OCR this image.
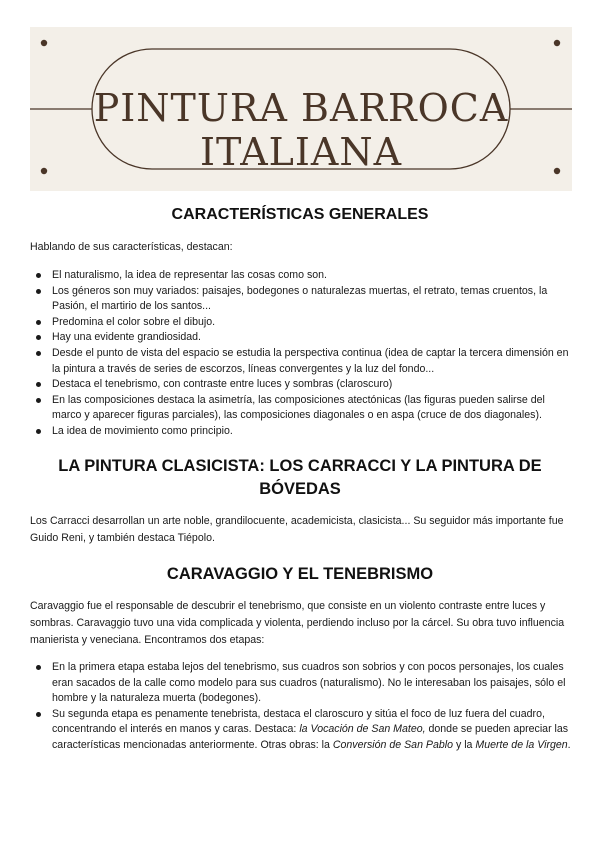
PINTURA BARROCA
ITALIANA
CARACTERÍSTICAS GENERALES

Hablando de sus características, destacan:

El naturalismo, la idea de representar las cosas como son.
Los géneros son muy variados: paisajes, bodegones o naturalezas muertas, el retrato, temas cruentos, la Pasión, el martirio de los santos...
Predomina el color sobre el dibujo.
Hay una evidente grandiosidad.
Desde el punto de vista del espacio se estudia la perspectiva continua (idea de captar la tercera dimensión en la pintura a través de series de escorzos, líneas convergentes y la luz del fondo...
Destaca el tenebrismo, con contraste entre luces y sombras (claroscuro)
En las composiciones destaca la asimetría, las composiciones atectónicas (las figuras pueden salirse del marco y aparecer figuras parciales), las composiciones diagonales o en aspa (cruce de dos diagonales).
La idea de movimiento como principio.
LA PINTURA CLASICISTA: LOS CARRACCI Y LA PINTURA DE BÓVEDAS

Los Carracci desarrollan un arte noble, grandilocuente, academicista, clasicista... Su seguidor más importante fue Guido Reni, y también destaca Tiépolo.

CARAVAGGIO Y EL TENEBRISMO

Caravaggio fue el responsable de descubrir el tenebrismo, que consiste en un violento contraste entre luces y sombras. Caravaggio tuvo una vida complicada y violenta, perdiendo incluso por la cárcel. Su obra tuvo influencia manierista y veneciana. Encontramos dos etapas:

En la primera etapa estaba lejos del tenebrismo, sus cuadros son sobrios y con pocos personajes, los cuales eran sacados de la calle como modelo para sus cuadros (naturalismo). No le interesaban los paisajes, sólo el hombre y la naturaleza muerta (bodegones).
Su segunda etapa es penamente tenebrista, destaca el claroscuro y sitúa el foco de luz fuera del cuadro, concentrando el interés en manos y caras. Destaca: la Vocación de San Mateo, donde se pueden apreciar las características mencionadas anteriormente. Otras obras: la Conversión de San Pablo y la Muerte de la Virgen.
